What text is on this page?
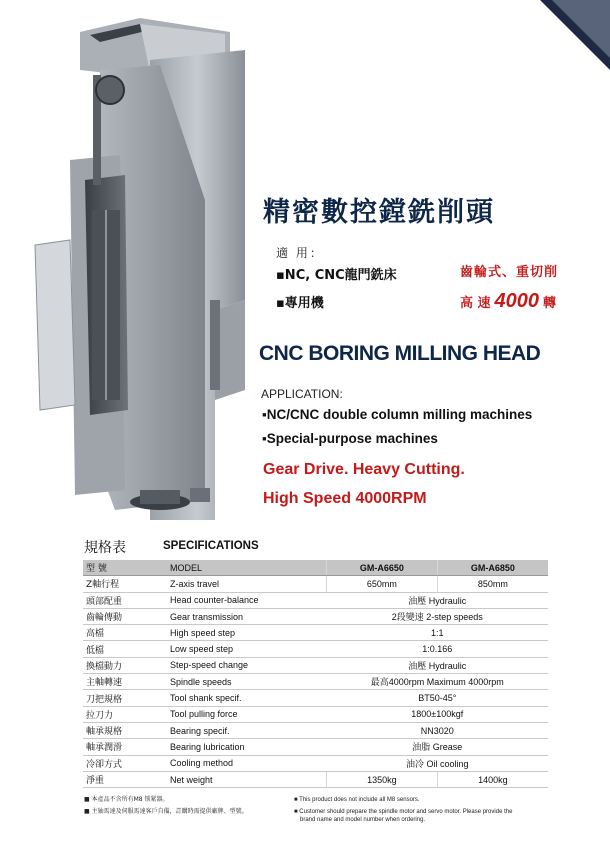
精密數控鏜銑削頭
適 用：
▪NC, CNC龍門銑床
▪專用機
齒輪式、重切削
高 速 4000 轉
CNC BORING MILLING HEAD
APPLICATION:
▪NC/CNC double column milling machines
▪Special-purpose machines
Gear Drive. Heavy Cutting.
High Speed 4000RPM
規格表	SPECIFICATIONS
型 號	MODEL	GM-A6650	GM-A6850
Z軸行程	Z-axis travel	650mm	850mm
頭部配重	Head counter-balance	油壓 Hydraulic	
齒輪傳動	Gear transmission	2段變速 2-step speeds	
高檔	High speed step	1:1	
低檔	Low speed step	1:0.166	
換檔動力	Step-speed change	油壓 Hydraulic	
主軸轉速	Spindle speeds	最高4000rpm Maximum 4000rpm	
刀把規格	Tool shank specif.	BT50-45°	
拉刀力	Tool pulling force	1800±100kgf	
軸承規格	Bearing specif.	NN3020	
軸承潤滑	Bearing lubrication	油脂 Grease	
冷卻方式	Cooling method	油冷 Oil cooling	
淨重	Net weight	1350kg	1400kg
■ 本產品不含所有M8 锁紧器。
■ 主轴馬達及伺服馬達客戶自備，訂購時需提供廠牌、型號。
■ This product does not include all M8 sensors.
■ Customer should prepare the spindle motor and servo motor. Please provide the
brand name and model number when ordering.
